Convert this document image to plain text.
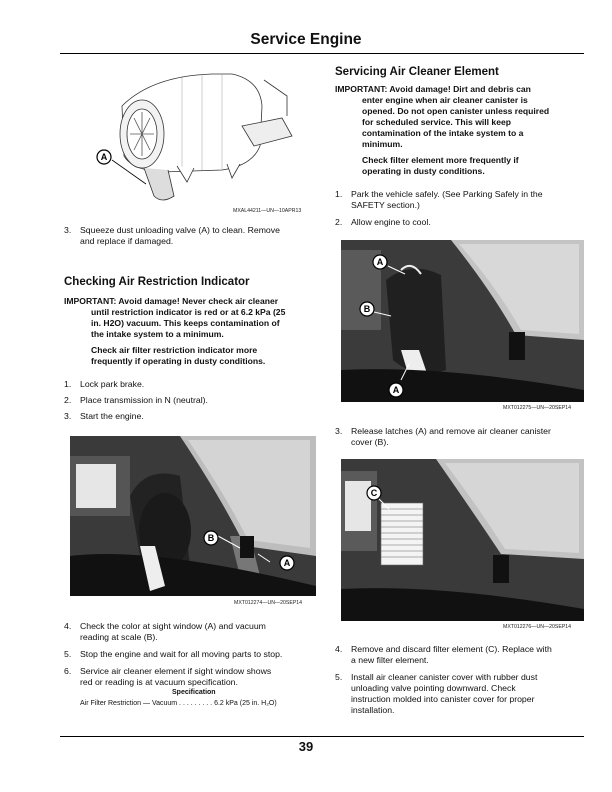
Service Engine
A
MXAL44211—UN—10APR13
3. Squeeze dust unloading valve (A) to clean. Remove
and replace if damaged.
Checking Air Restriction Indicator
IMPORTANT: Avoid damage! Never check air cleaner
until restriction indicator is red or at 6.2 kPa (25
in. H2O) vacuum. This keeps contamination of
the intake system to a minimum.
Check air filter restriction indicator more
frequently if operating in dusty conditions.
1. Lock park brake.
2. Place transmission in N (neutral).
3. Start the engine.
B
A
MXT012274—UN—20SEP14
4. Check the color at sight window (A) and vacuum
reading at scale (B).
5. Stop the engine and wait for all moving parts to stop.
6. Service air cleaner element if sight window shows
red or reading is at vacuum specification.
Specification
Air Filter Restriction — Vacuum . . . . . . . . . 6.2 kPa (25 in. H₂O)
Servicing Air Cleaner Element
IMPORTANT: Avoid damage! Dirt and debris can
enter engine when air cleaner canister is
opened. Do not open canister unless required
for scheduled service. This will keep
contamination of the intake system to a
minimum.
Check filter element more frequently if
operating in dusty conditions.
1. Park the vehicle safely. (See Parking Safely in the
SAFETY section.)
2. Allow engine to cool.
A
B
A
MXT012275—UN—20SEP14
3. Release latches (A) and remove air cleaner canister
cover (B).
C
MXT012276—UN—20SEP14
4. Remove and discard filter element (C). Replace with
a new filter element.
5. Install air cleaner canister cover with rubber dust
unloading valve pointing downward. Check
instruction molded into canister cover for proper
installation.
39
